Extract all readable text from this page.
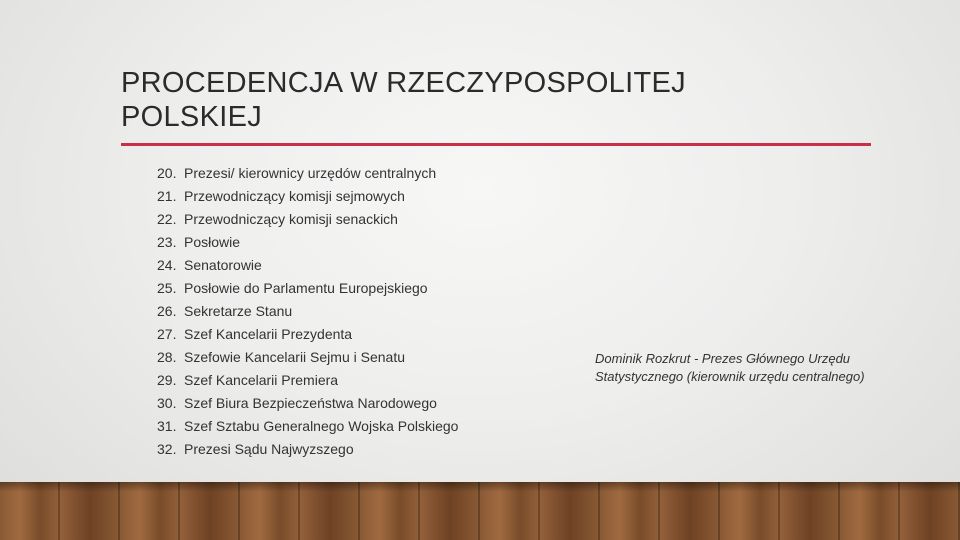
PROCEDENCJA W RZECZYPOSPOLITEJ
POLSKIEJ
20. Prezesi/ kierownicy urzędów centralnych
21. Przewodniczący komisji sejmowych
22. Przewodniczący komisji senackich
23. Posłowie
24. Senatorowie
25. Posłowie do Parlamentu Europejskiego
26. Sekretarze Stanu
27. Szef Kancelarii Prezydenta
28. Szefowie Kancelarii Sejmu i Senatu
29. Szef Kancelarii Premiera
30. Szef Biura Bezpieczeństwa Narodowego
31. Szef Sztabu Generalnego Wojska Polskiego
32. Prezesi Sądu Najwyzszego
Dominik Rozkrut - Prezes Głównego Urzędu Statystycznego (kierownik urzędu centralnego)
